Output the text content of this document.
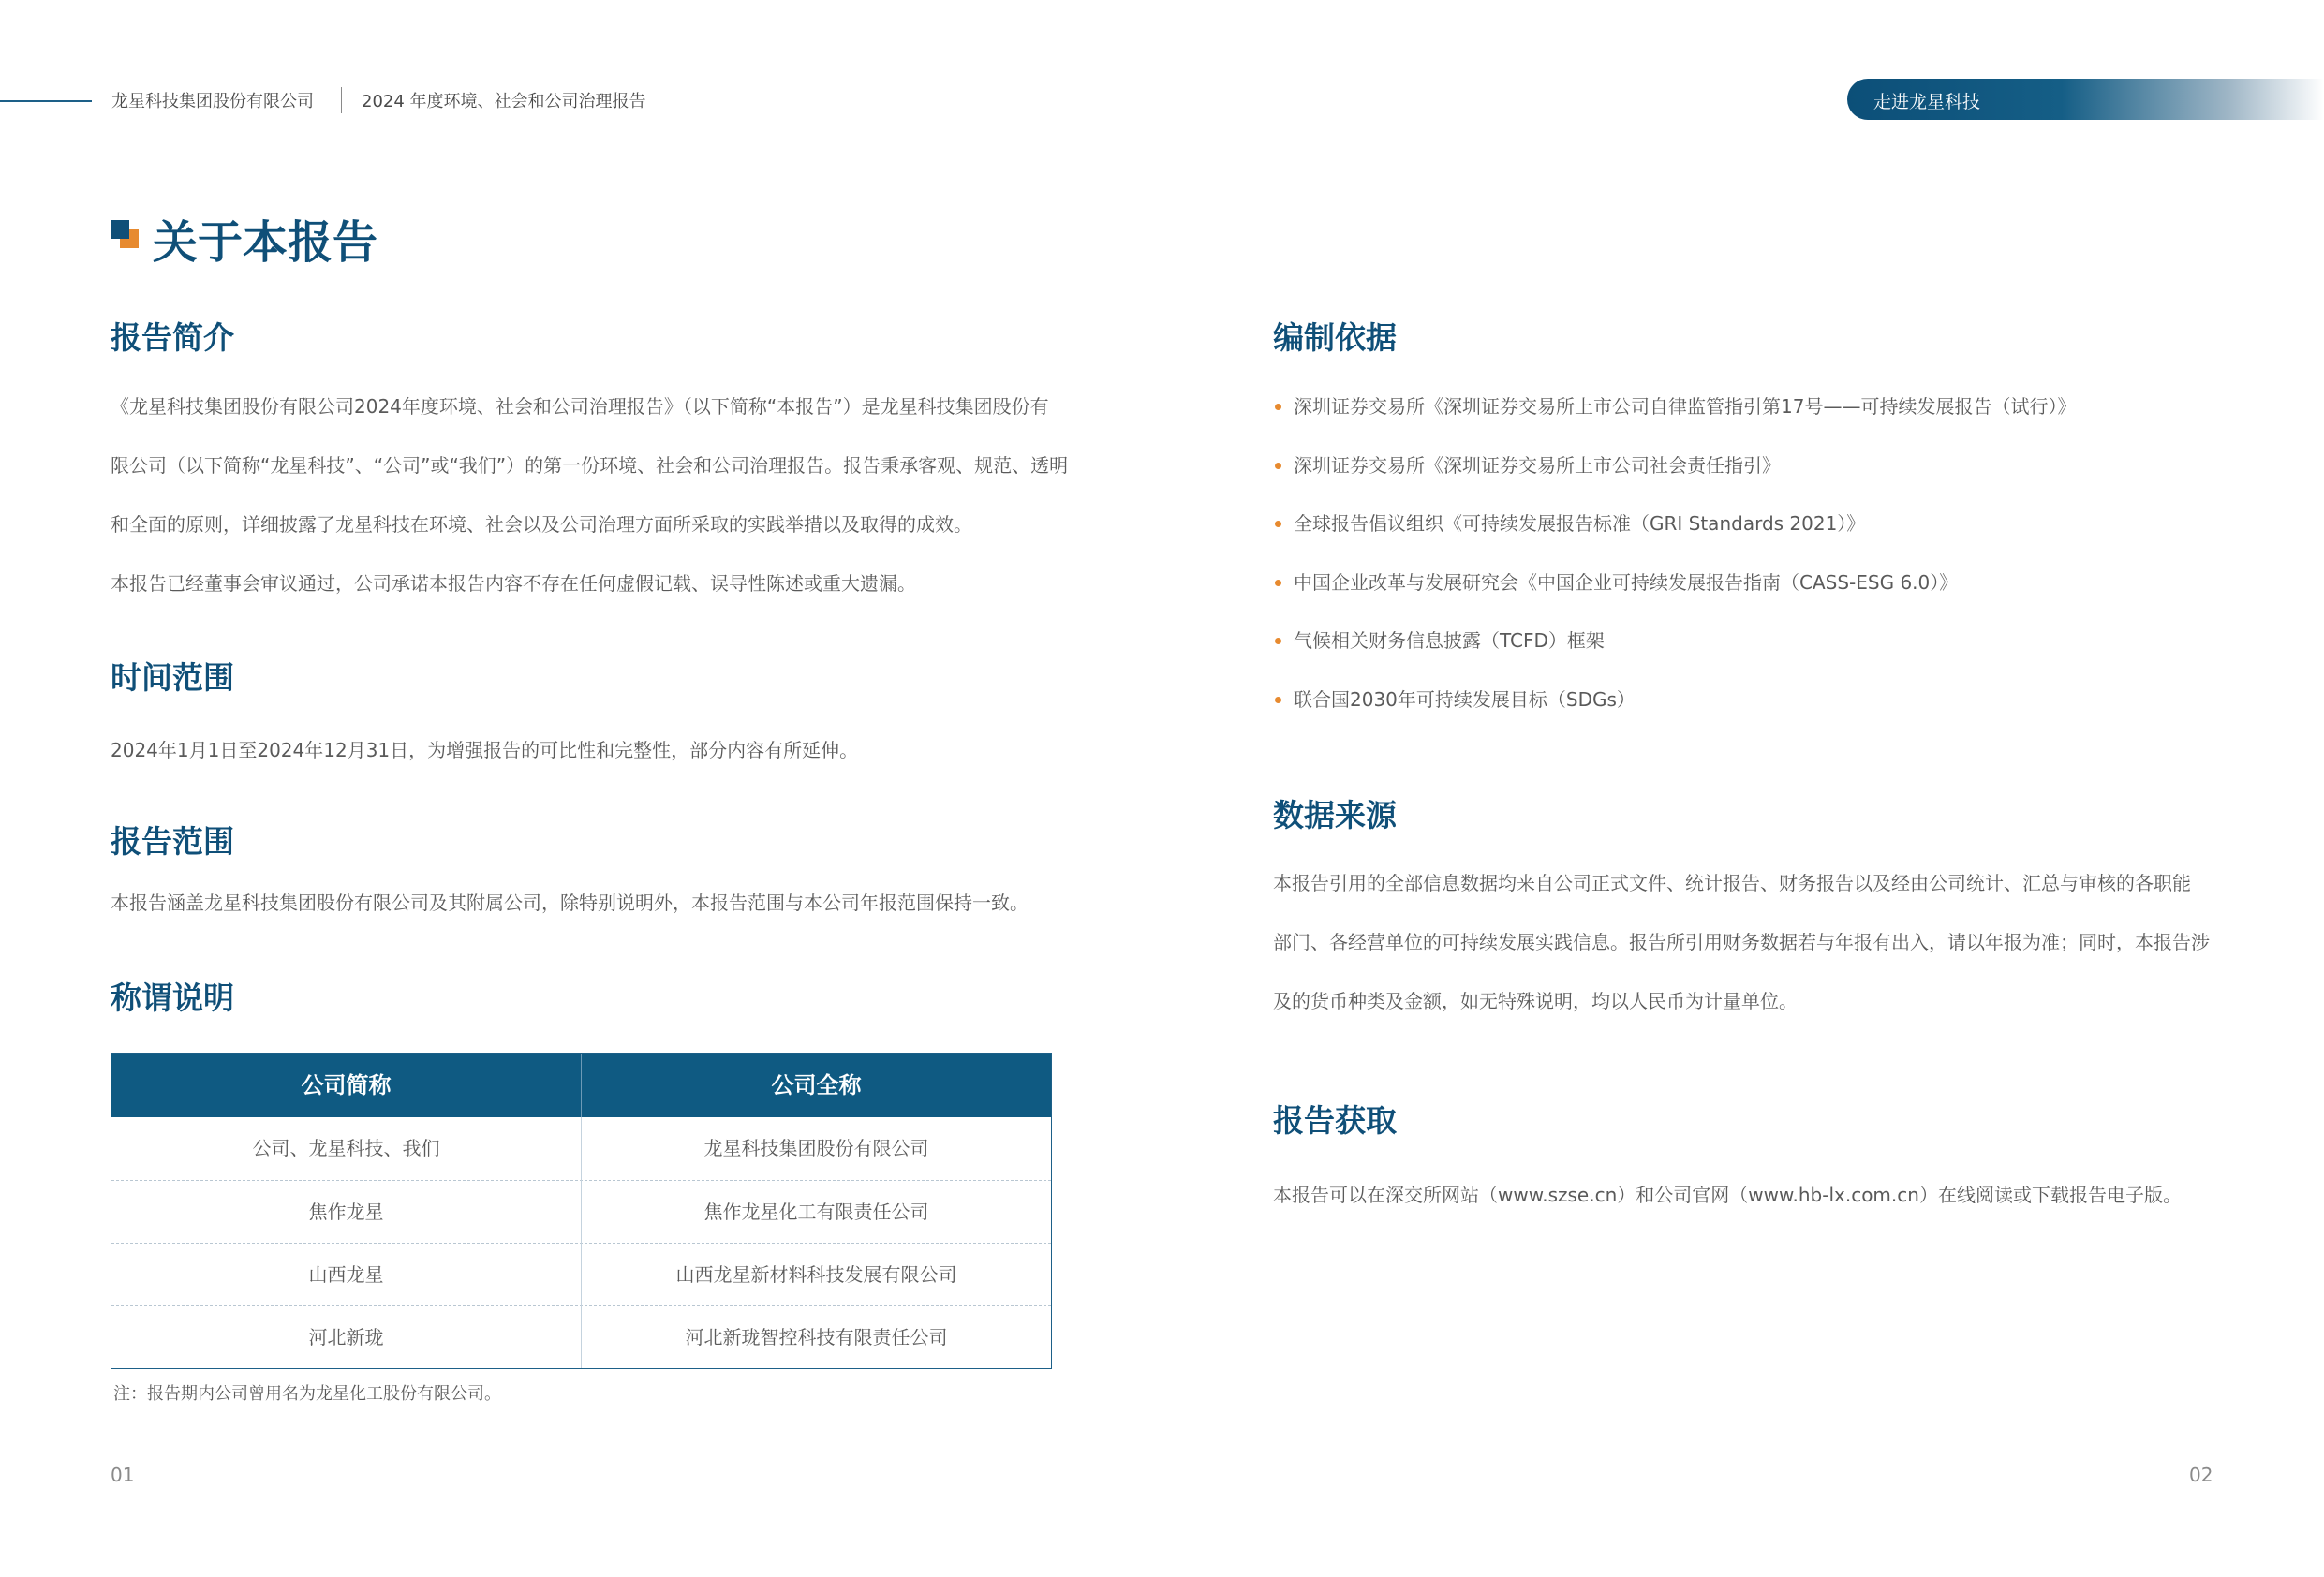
龙星科技集团股份有限公司	2024 年度环境、社会和公司治理报告	走进龙星科技
关于本报告
报告简介

《龙星科技集团股份有限公司2024年度环境、社会和公司治理报告》（以下简称“本报告”）是龙星科技集团股份有

限公司（以下简称“龙星科技”、“公司”或“我们”）的第一份环境、社会和公司治理报告。报告秉承客观、规范、透明

和全面的原则，详细披露了龙星科技在环境、社会以及公司治理方面所采取的实践举措以及取得的成效。

本报告已经董事会审议通过，公司承诺本报告内容不存在任何虚假记载、误导性陈述或重大遗漏。

时间范围
2024年1月1日至2024年12月31日，为增强报告的可比性和完整性，部分内容有所延伸。
报告范围
本报告涵盖龙星科技集团股份有限公司及其附属公司，除特别说明外，本报告范围与本公司年报范围保持一致。
称谓说明
公司简称	公司全称
公司、龙星科技、我们	龙星科技集团股份有限公司
焦作龙星	焦作龙星化工有限责任公司
山西龙星	山西龙星新材料科技发展有限公司
河北新珑	河北新珑智控科技有限责任公司
注：报告期内公司曾用名为龙星化工股份有限公司。
01
编制依据
深圳证券交易所《深圳证券交易所上市公司自律监管指引第17号——可持续发展报告（试行）》
深圳证券交易所《深圳证券交易所上市公司社会责任指引》
全球报告倡议组织《可持续发展报告标准（GRI Standards 2021）》
中国企业改革与发展研究会《中国企业可持续发展报告指南（CASS-ESG 6.0）》
气候相关财务信息披露（TCFD）框架
联合国2030年可持续发展目标（SDGs）
数据来源

本报告引用的全部信息数据均来自公司正式文件、统计报告、财务报告以及经由公司统计、汇总与审核的各职能

部门、各经营单位的可持续发展实践信息。报告所引用财务数据若与年报有出入，请以年报为准；同时，本报告涉

及的货币种类及金额，如无特殊说明，均以人民币为计量单位。

报告获取
本报告可以在深交所网站（www.szse.cn）和公司官网（www.hb-lx.com.cn）在线阅读或下载报告电子版。
02
